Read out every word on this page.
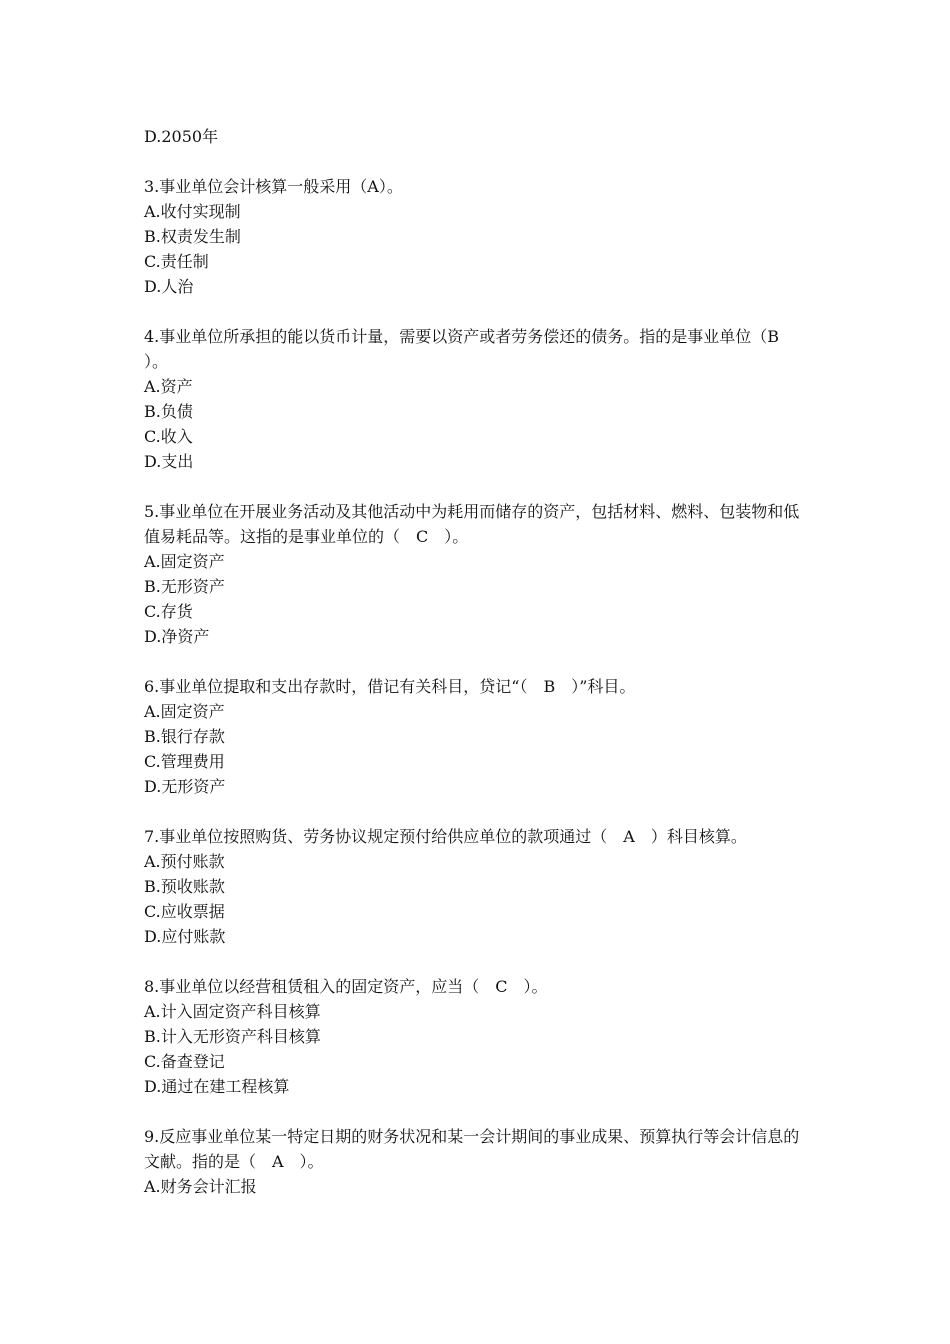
D.2050年
3.事业单位会计核算一般采用（A）。
A.收付实现制
B.权责发生制
C.责任制
D.人治
4.事业单位所承担的能以货币计量，需要以资产或者劳务偿还的债务。指的是事业单位（B　）。
A.资产
B.负债
C.收入
D.支出
5.事业单位在开展业务活动及其他活动中为耗用而储存的资产，包括材料、燃料、包装物和低值易耗品等。这指的是事业单位的（　C　）。
A.固定资产
B.无形资产
C.存货
D.净资产
6.事业单位提取和支出存款时，借记有关科目，贷记“（　B　）”科目。
A.固定资产
B.银行存款
C.管理费用
D.无形资产
7.事业单位按照购货、劳务协议规定预付给供应单位的款项通过（　A　）科目核算。
A.预付账款
B.预收账款
C.应收票据
D.应付账款
8.事业单位以经营租赁租入的固定资产，应当（　C　）。
A.计入固定资产科目核算
B.计入无形资产科目核算
C.备查登记
D.通过在建工程核算
9.反应事业单位某一特定日期的财务状况和某一会计期间的事业成果、预算执行等会计信息的文献。指的是（　A　）。
A.财务会计汇报
